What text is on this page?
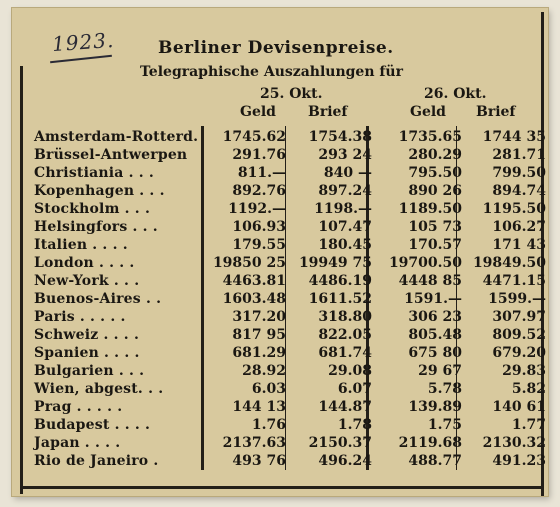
1923.	Berliner Devisenpreise.
Telegraphische Auszahlungen für
25. Okt.	26. Okt.
Geld Brief	Geld Brief
Amsterdam-Rotterd.	1745.62	1754.38	1735.65	1744 35
Brüssel-Antwerpen	291.76	293 24	280.29	281.71
Christiania . . .	811.—	840 —	795.50	799.50
Kopenhagen . . .	892.76	897.24	890 26	894.74
Stockholm . . .	1192.—	1198.—	1189.50	1195.50
Helsingfors . . .	106.93	107.47	105 73	106.27
Italien . . . .	179.55	180.45	170.57	171 43
London . . . .	19850 25	19949 75	19700.50	19849.50
New-York . . .	4463.81	4486.19	4448 85	4471.15
Buenos-Aires . .	1603.48	1611.52	1591.—	1599.—
Paris . . . . .	317.20	318.80	306 23	307.97
Schweiz . . . .	817 95	822.05	805.48	809.52
Spanien . . . .	681.29	681.74	675 80	679.20
Bulgarien . . .	28.92	29.08	29 67	29.83
Wien, abgest. . .	6.03	6.07	5.78	5.82
Prag . . . . .	144 13	144.87	139.89	140 61
Budapest . . . .	1.76	1.78	1.75	1.77
Japan . . . .	2137.63	2150.37	2119.68	2130.32
Rio de Janeiro .	493 76	496.24	488.77	491.23
